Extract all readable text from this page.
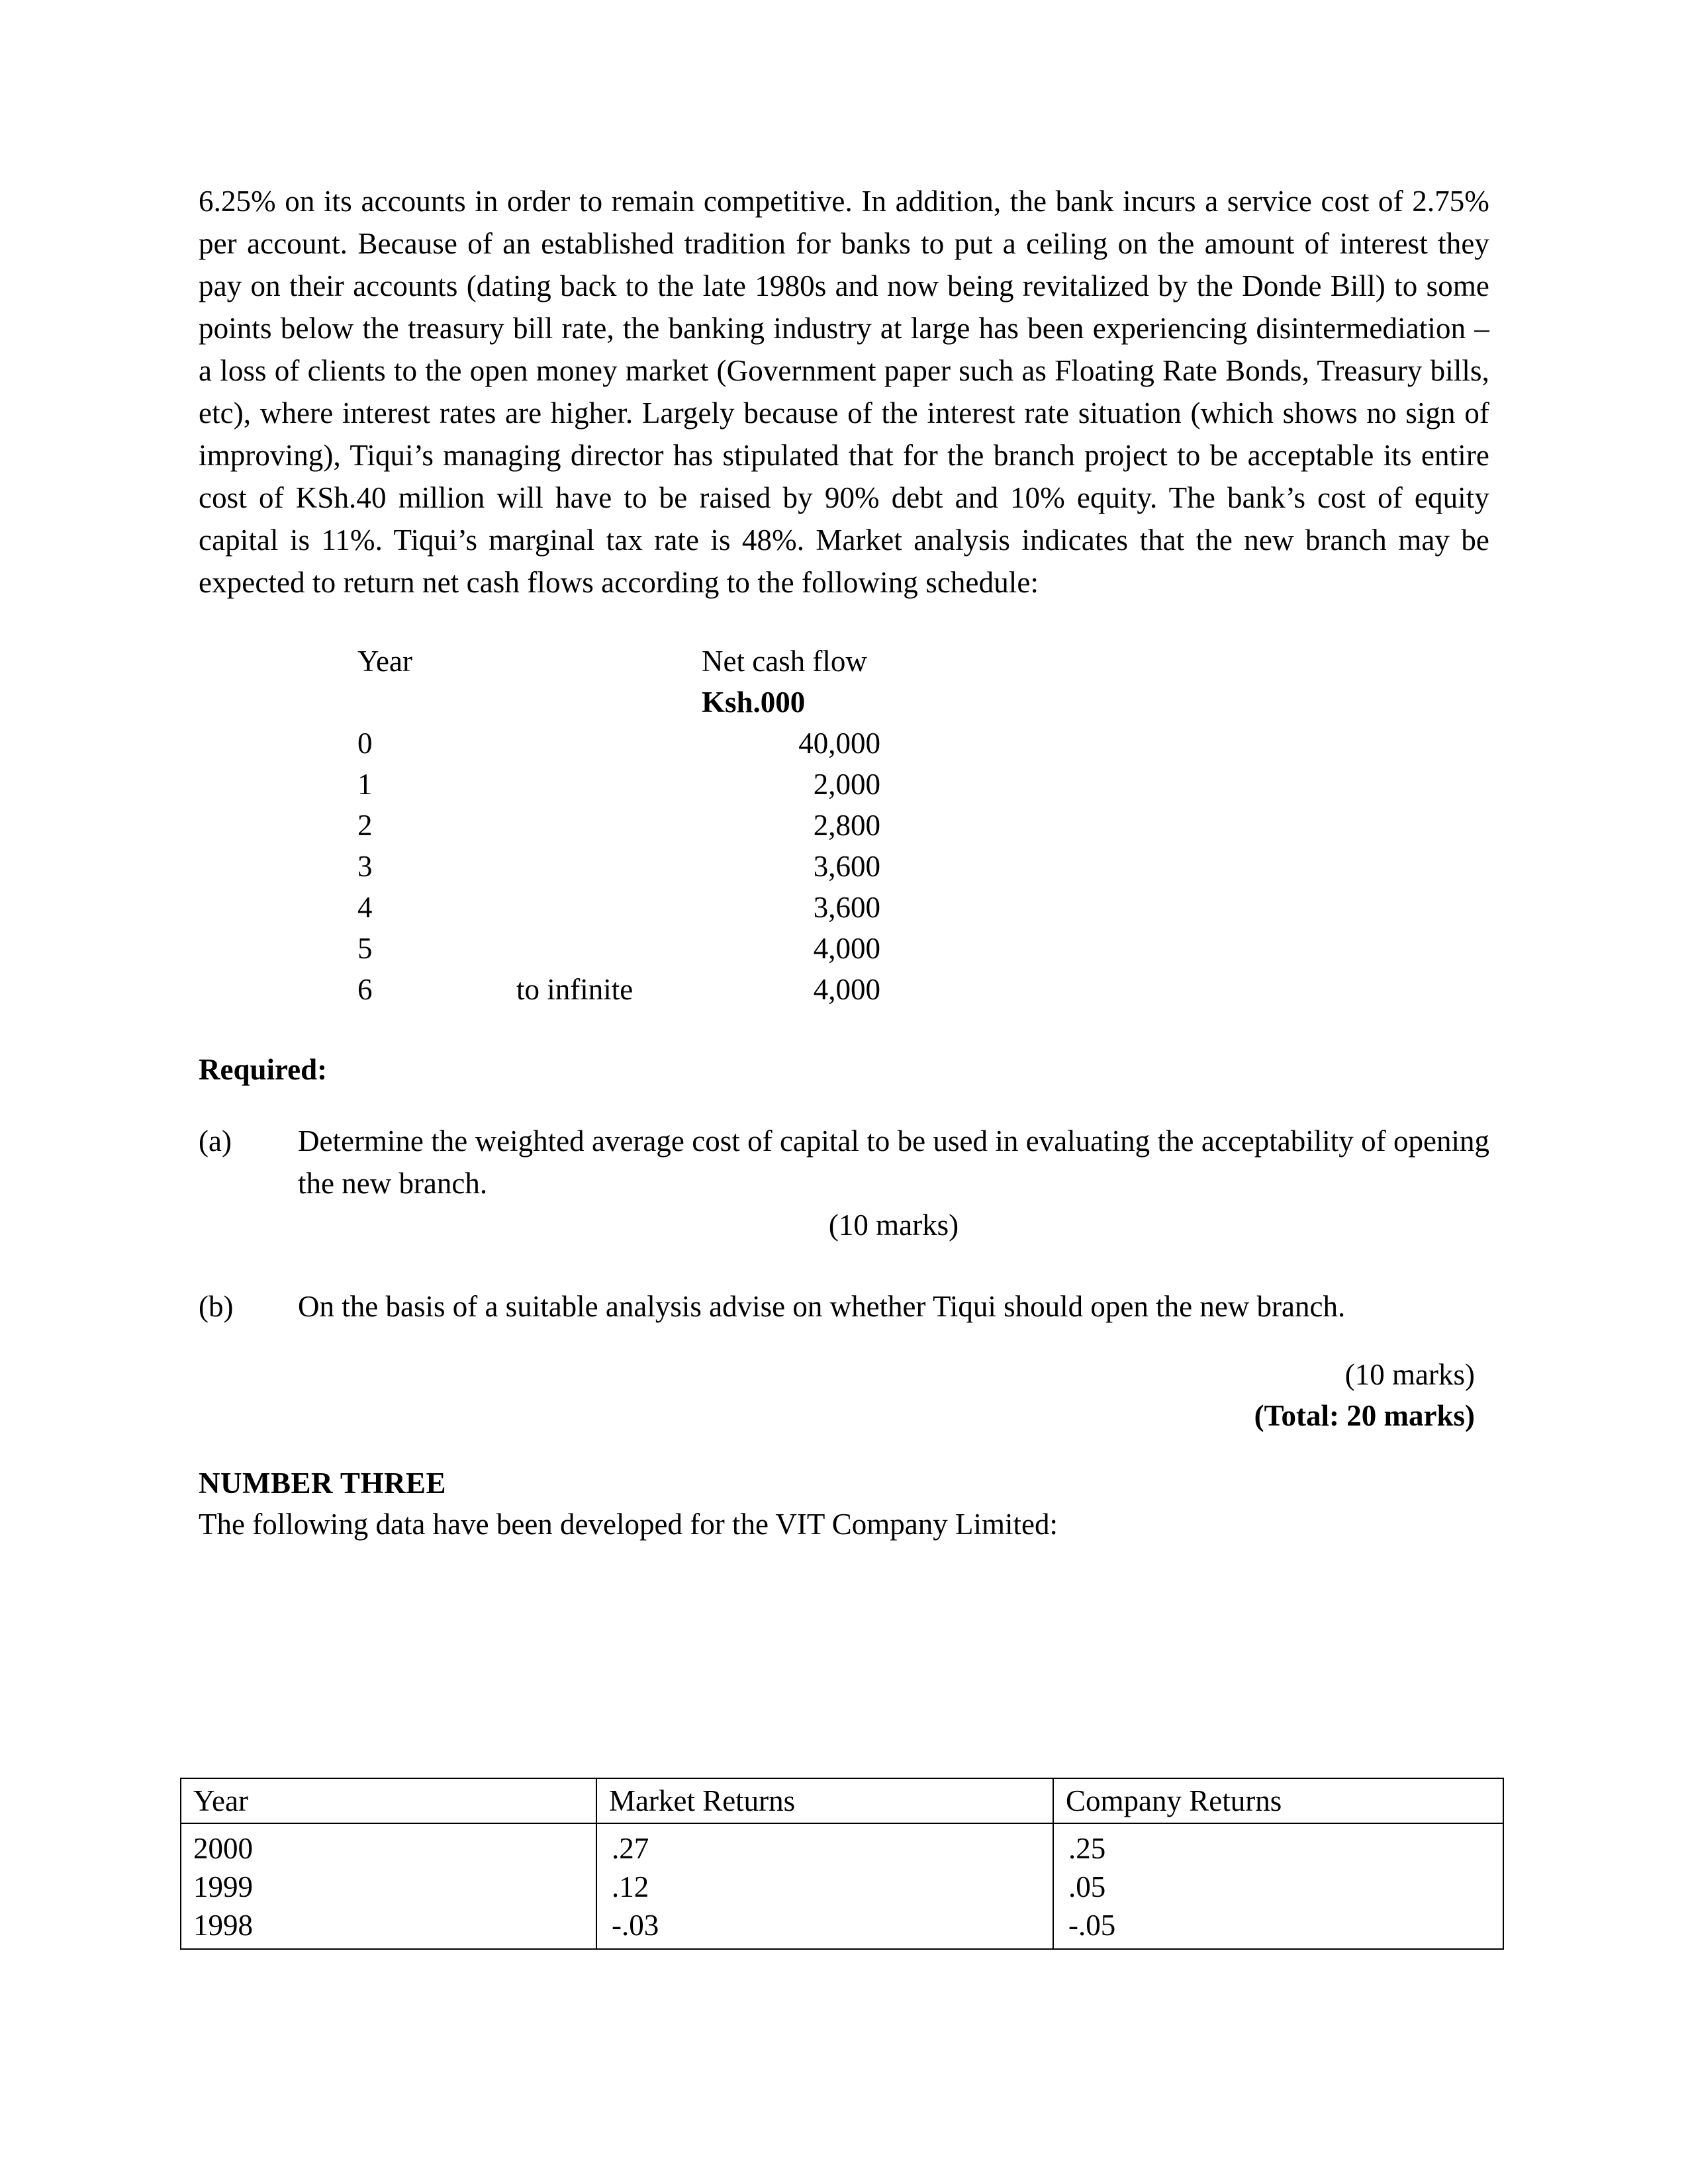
6.25% on its accounts in order to remain competitive. In addition, the bank incurs a service cost of 2.75% per account. Because of an established tradition for banks to put a ceiling on the amount of interest they pay on their accounts (dating back to the late 1980s and now being revitalized by the Donde Bill) to some points below the treasury bill rate, the banking industry at large has been experiencing disintermediation – a loss of clients to the open money market (Government paper such as Floating Rate Bonds, Treasury bills, etc), where interest rates are higher. Largely because of the interest rate situation (which shows no sign of improving), Tiqui’s managing director has stipulated that for the branch project to be acceptable its entire cost of KSh.40 million will have to be raised by 90% debt and 10% equity. The bank’s cost of equity capital is 11%. Tiqui’s marginal tax rate is 48%. Market analysis indicates that the new branch may be expected to return net cash flows according to the following schedule:

Year	Net cash flow
Ksh.000
0	40,000
1	2,000
2	2,800
3	3,600
4	3,600
5	4,000
6	to infinite	4,000
Required:
(a)	Determine the weighted average cost of capital to be used in evaluating the acceptability of opening the new branch.
(10 marks)
(b)	On the basis of a suitable analysis advise on whether Tiqui should open the new branch.
(10 marks)
(Total: 20 marks)
NUMBER THREE
The following data have been developed for the VIT Company Limited:
Year	Market Returns	Company Returns
2000	.27	.25
1999	.12	.05
1998	-.03	-.05
